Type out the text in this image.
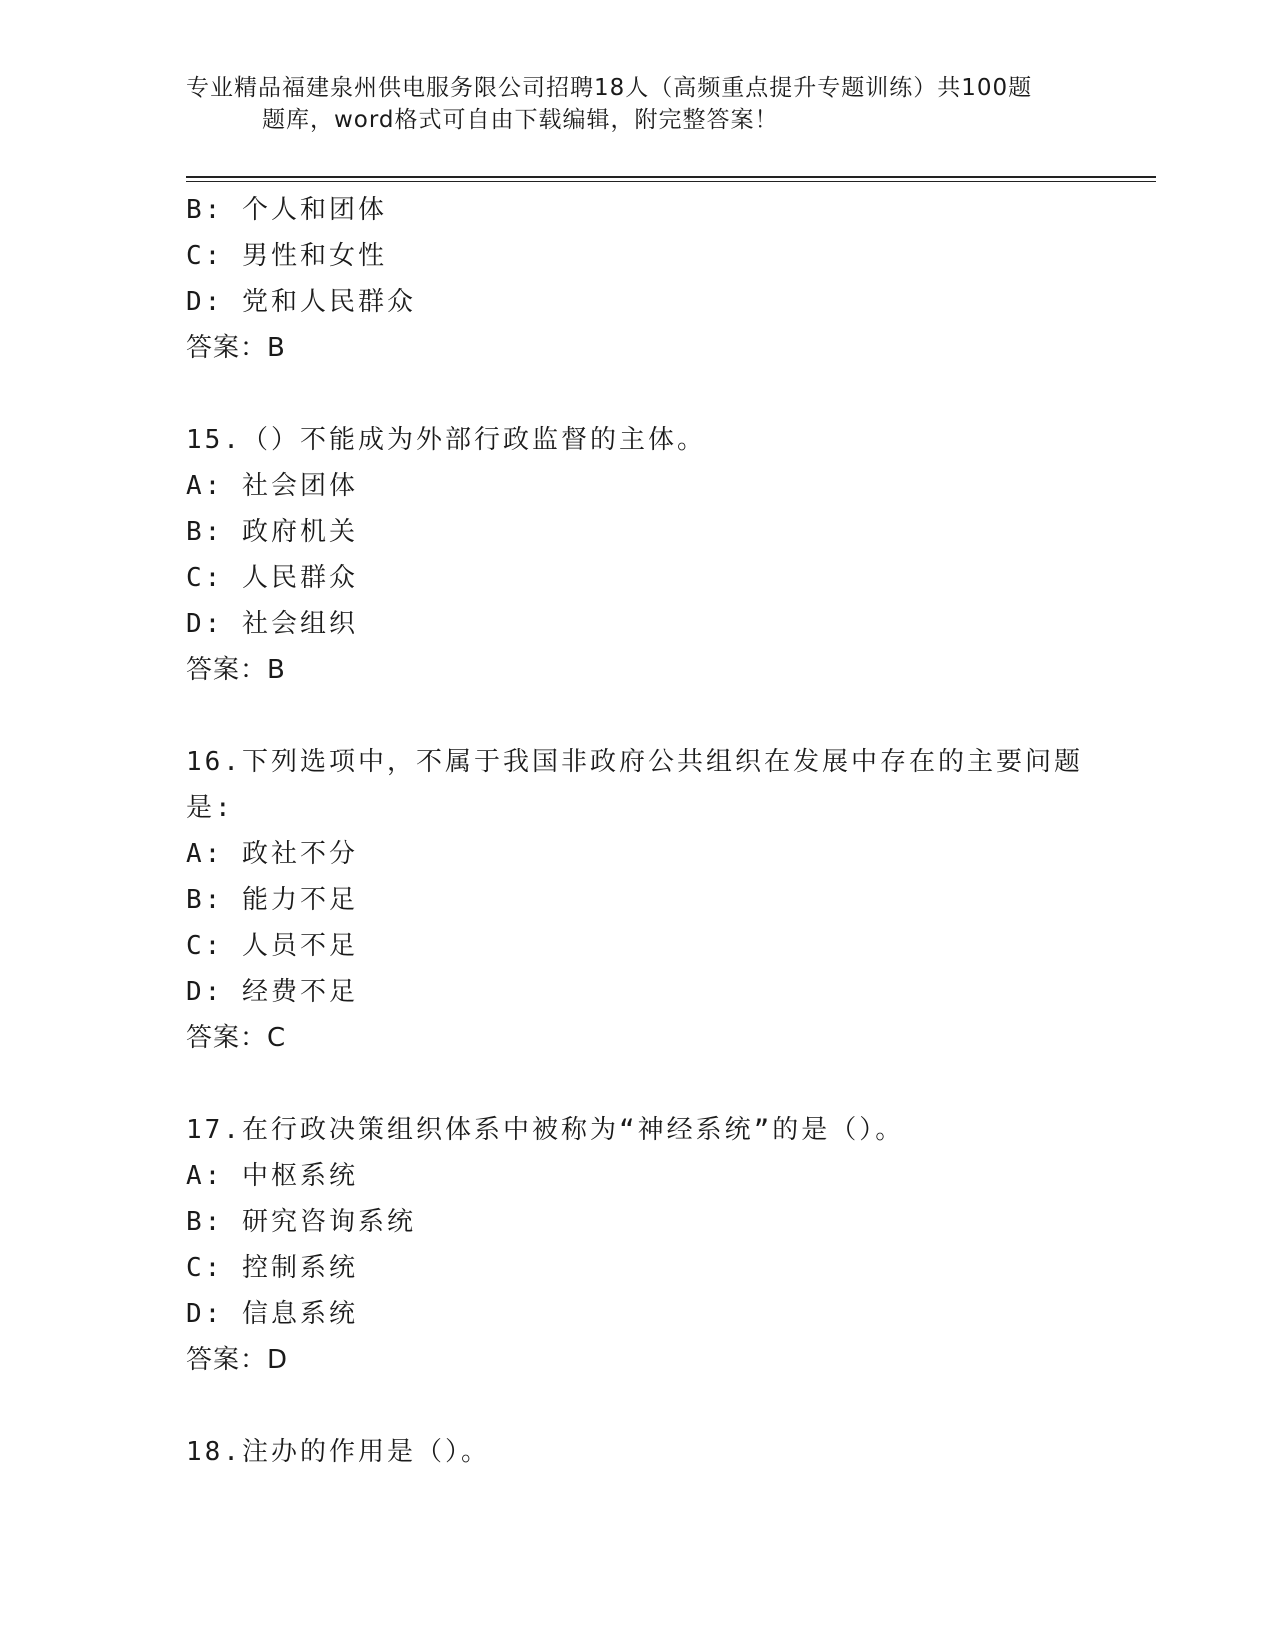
专业精品福建泉州供电服务限公司招聘18人（高频重点提升专题训练）共100题
题库，word格式可自由下载编辑，附完整答案！
B: 个人和团体
C: 男性和女性
D: 党和人民群众
答案：B
15.（）不能成为外部行政监督的主体。
A: 社会团体
B: 政府机关
C: 人民群众
D: 社会组织
答案：B
16.下列选项中，不属于我国非政府公共组织在发展中存在的主要问题
是:
A: 政社不分
B: 能力不足
C: 人员不足
D: 经费不足
答案：C
17.在行政决策组织体系中被称为“神经系统”的是（）。
A: 中枢系统
B: 研究咨询系统
C: 控制系统
D: 信息系统
答案：D
18.注办的作用是（）。
